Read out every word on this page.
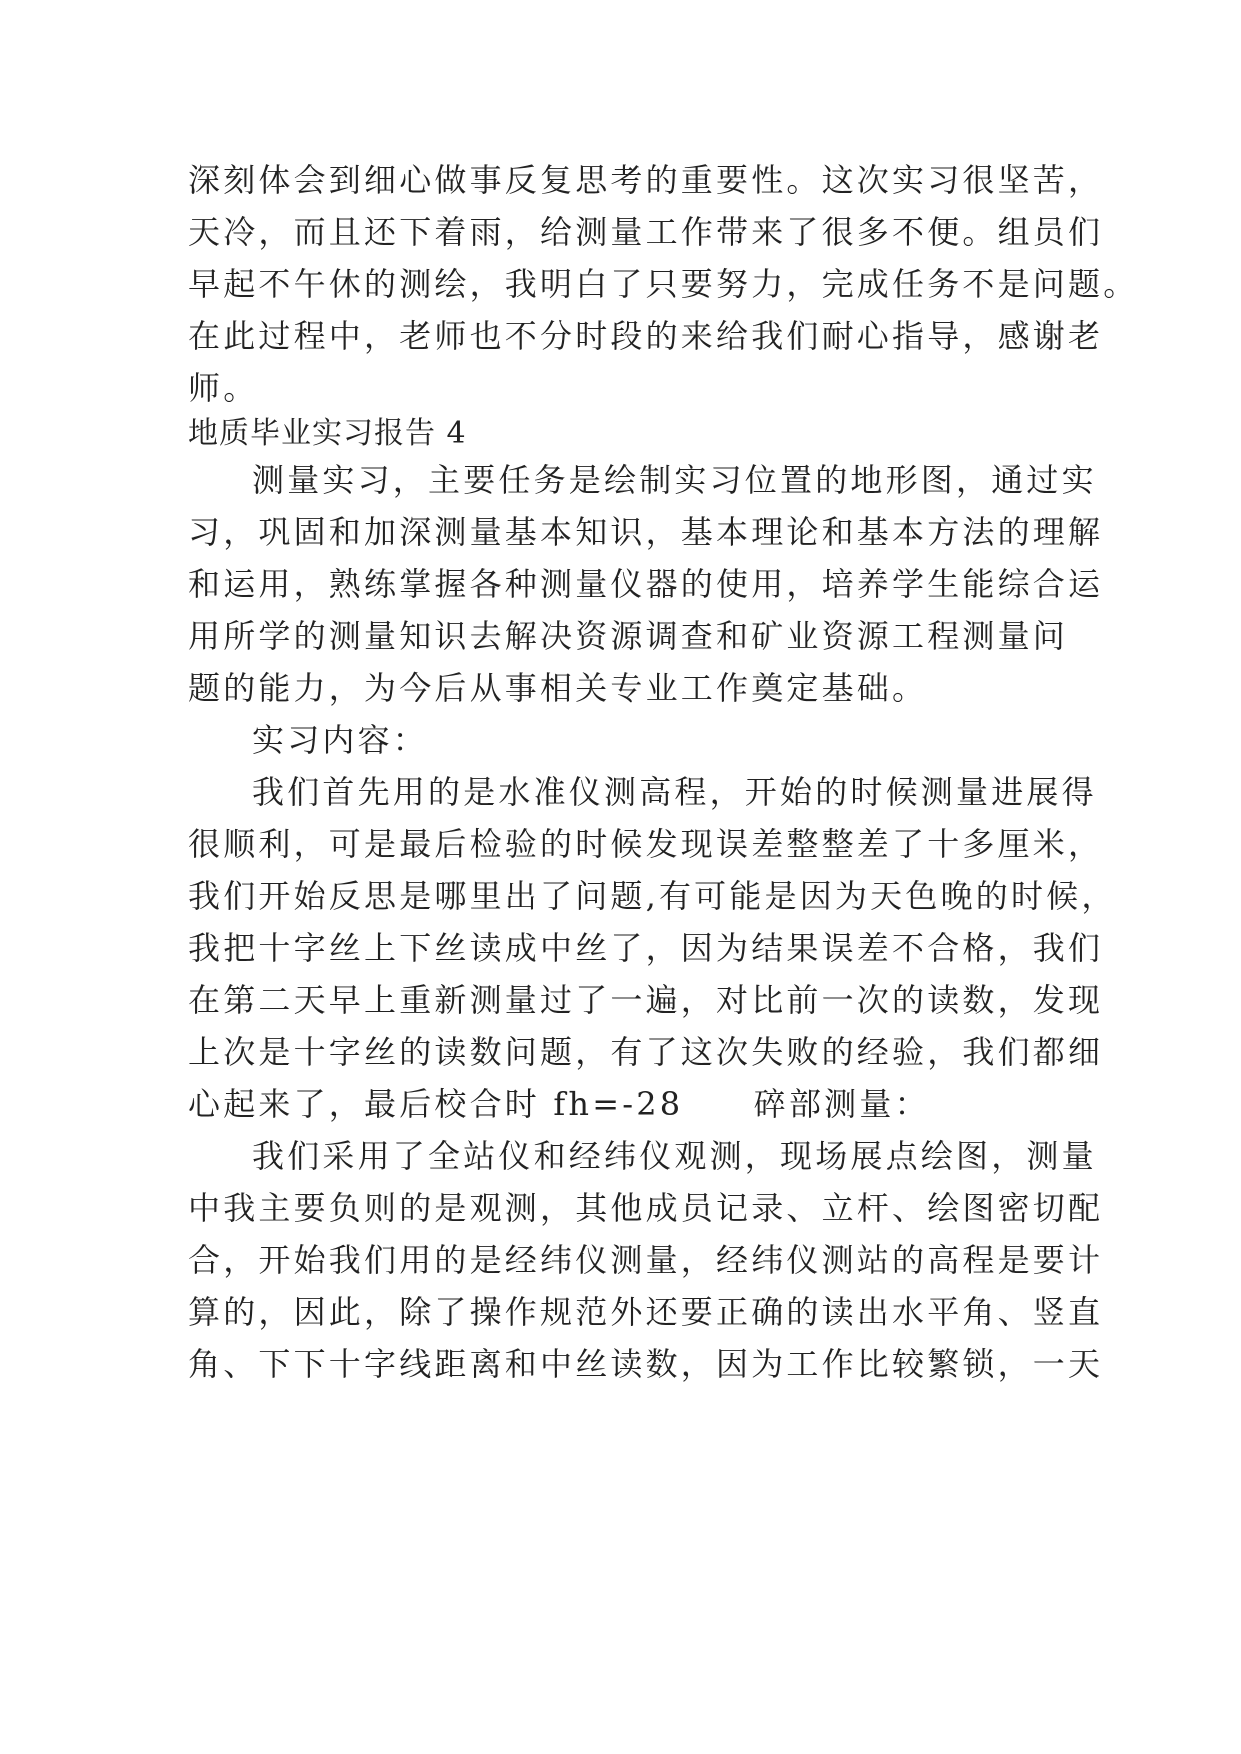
深刻体会到细心做事反复思考的重要性。这次实习很坚苦，
天冷，而且还下着雨，给测量工作带来了很多不便。组员们
早起不午休的测绘，我明白了只要努力，完成任务不是问题。
在此过程中，老师也不分时段的来给我们耐心指导，感谢老
师。
地质毕业实习报告 4
测量实习，主要任务是绘制实习位置的地形图，通过实
习，巩固和加深测量基本知识，基本理论和基本方法的理解
和运用，熟练掌握各种测量仪器的使用，培养学生能综合运
用所学的测量知识去解决资源调查和矿业资源工程测量问
题的能力，为今后从事相关专业工作奠定基础。
实习内容：
我们首先用的是水准仪测高程，开始的时候测量进展得
很顺利，可是最后检验的时候发现误差整整差了十多厘米，
我们开始反思是哪里出了问题,有可能是因为天色晚的时候，
我把十字丝上下丝读成中丝了，因为结果误差不合格，我们
在第二天早上重新测量过了一遍，对比前一次的读数，发现
上次是十字丝的读数问题，有了这次失败的经验，我们都细
心起来了，最后校合时 fh=-28　　碎部测量：
我们采用了全站仪和经纬仪观测，现场展点绘图，测量
中我主要负则的是观测，其他成员记录、立杆、绘图密切配
合，开始我们用的是经纬仪测量，经纬仪测站的高程是要计
算的，因此，除了操作规范外还要正确的读出水平角、竖直
角、下下十字线距离和中丝读数，因为工作比较繁锁，一天
